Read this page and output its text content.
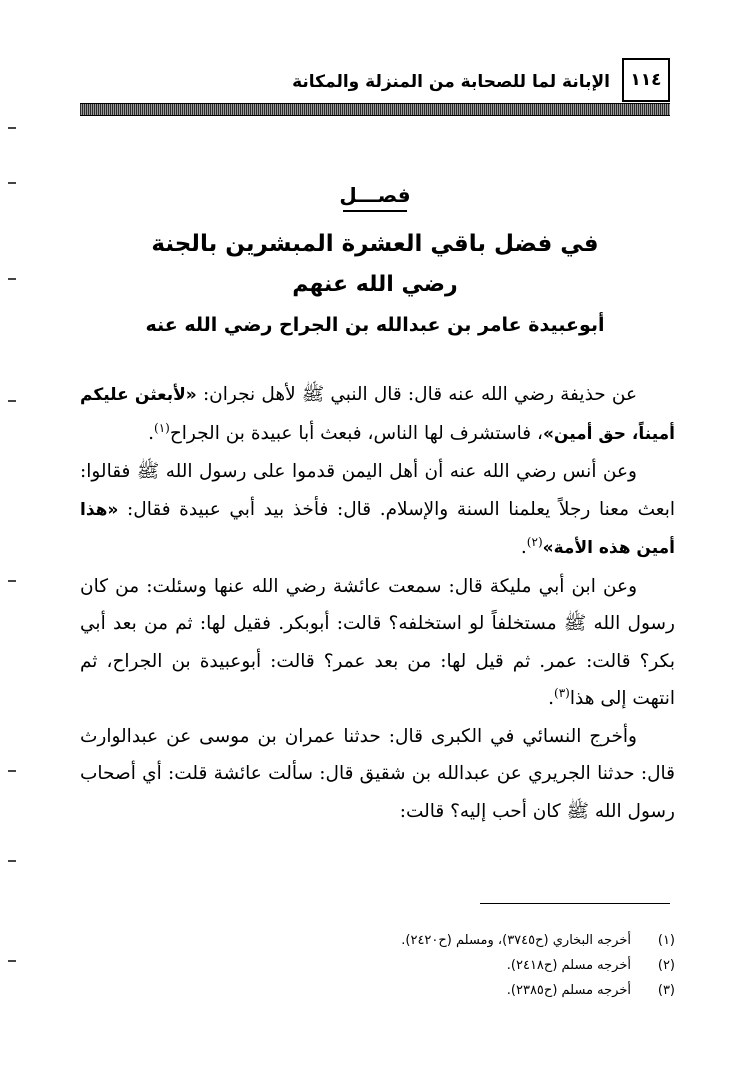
١١٤
الإبانة لما للصحابة من المنزلة والمكانة
فصـــل
في فضل باقي العشرة المبشرين بالجنة
رضي الله عنهم
أبوعبيدة عامر بن عبدالله بن الجراح رضي الله عنه

عن حذيفة رضي الله عنه قال: قال النبي ﷺ لأهل نجران: «لأبعثن عليكم أميناً، حق أمين»، فاستشرف لها الناس، فبعث أبا عبيدة بن الجراح$^{(١)}$.

وعن أنس رضي الله عنه أن أهل اليمن قدموا على رسول الله ﷺ فقالوا: ابعث معنا رجلاً يعلمنا السنة والإسلام. قال: فأخذ بيد أبي عبيدة فقال: «هذا أمين هذه الأمة»$^{(٢)}$.

وعن ابن أبي مليكة قال: سمعت عائشة رضي الله عنها وسئلت: من كان رسول الله ﷺ مستخلفاً لو استخلفه؟ قالت: أبوبكر. فقيل لها: ثم من بعد أبي بكر؟ قالت: عمر. ثم قيل لها: من بعد عمر؟ قالت: أبوعبيدة بن الجراح، ثم انتهت إلى هذا$^{(٣)}$.

وأخرج النسائي في الكبرى قال: حدثنا عمران بن موسى عن عبدالوارث قال: حدثنا الجريري عن عبدالله بن شقيق قال: سألت عائشة قلت: أي أصحاب رسول الله ﷺ كان أحب إليه؟ قالت:

(١)
أخرجه البخاري (ح٣٧٤٥)، ومسلم (ح٢٤٢٠).
(٢)
أخرجه مسلم (ح٢٤١٨).
(٣)
أخرجه مسلم (ح٢٣٨٥).
